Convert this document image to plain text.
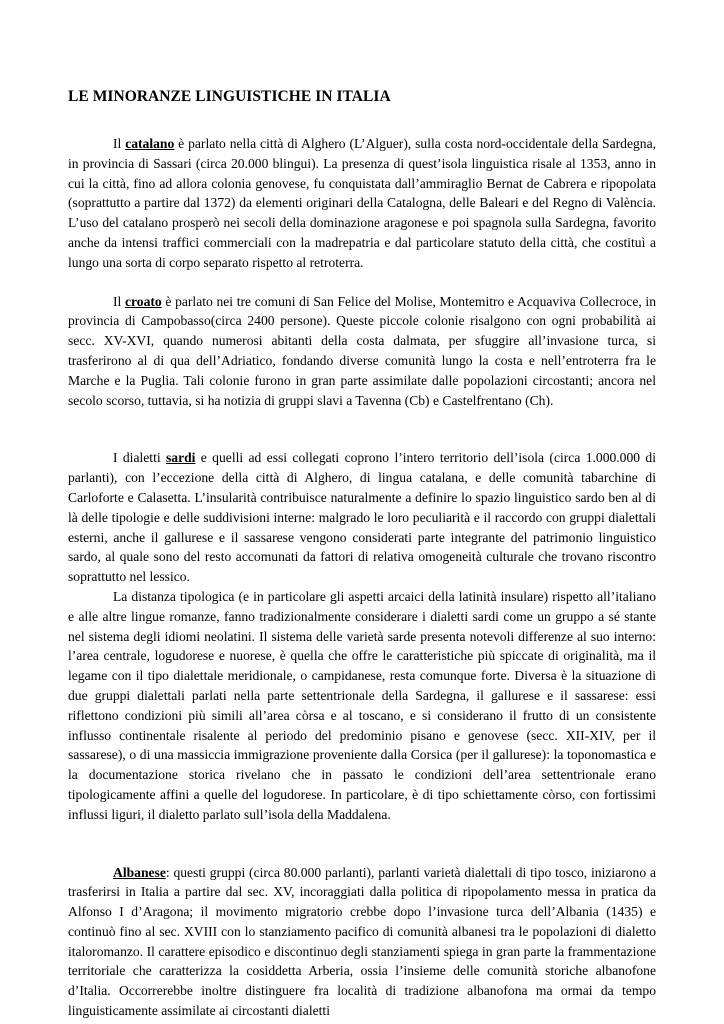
LE MINORANZE LINGUISTICHE IN ITALIA

Il catalano è parlato nella città di Alghero (L’Alguer), sulla costa nord-occidentale della Sardegna, in provincia di Sassari (circa 20.000 blingui). La presenza di quest’isola linguistica risale al 1353, anno in cui la città, fino ad allora colonia genovese, fu conquistata dall’ammiraglio Bernat de Cabrera e ripopolata (soprattutto a partire dal 1372) da elementi originari della Catalogna, delle Baleari e del Regno di València. L’uso del catalano prosperò nei secoli della dominazione aragonese e poi spagnola sulla Sardegna, favorito anche da intensi traffici commerciali con la madrepatria e dal particolare statuto della città, che costituì a lungo una sorta di corpo separato rispetto al retroterra.

Il croato è parlato nei tre comuni di San Felice del Molise, Montemitro e Acquaviva Collecroce, in provincia di Campobasso(circa 2400 persone). Queste piccole colonie risalgono con ogni probabilità ai secc. XV-XVI, quando numerosi abitanti della costa dalmata, per sfuggire all’invasione turca, si trasferirono al di qua dell’Adriatico, fondando diverse comunità lungo la costa e nell’entroterra fra le Marche e la Puglia. Tali colonie furono in gran parte assimilate dalle popolazioni circostanti; ancora nel secolo scorso, tuttavia, si ha notizia di gruppi slavi a Tavenna (Cb) e Castelfrentano (Ch).

I dialetti sardi e quelli ad essi collegati coprono l’intero territorio dell’isola (circa 1.000.000 di parlanti), con l’eccezione della città di Alghero, di lingua catalana, e delle comunità tabarchine di Carloforte e Calasetta. L’insularità contribuisce naturalmente a definire lo spazio linguistico sardo ben al di là delle tipologie e delle suddivisioni interne: malgrado le loro peculiarità e il raccordo con gruppi dialettali esterni, anche il gallurese e il sassarese vengono considerati parte integrante del patrimonio linguistico sardo, al quale sono del resto accomunati da fattori di relativa omogeneità culturale che trovano riscontro soprattutto nel lessico.

La distanza tipologica (e in particolare gli aspetti arcaici della latinità insulare) rispetto all’italiano e alle altre lingue romanze, fanno tradizionalmente considerare i dialetti sardi come un gruppo a sé stante nel sistema degli idiomi neolatini. Il sistema delle varietà sarde presenta notevoli differenze al suo interno: l’area centrale, logudorese e nuorese, è quella che offre le caratteristiche più spiccate di originalità, ma il legame con il tipo dialettale meridionale, o campidanese, resta comunque forte. Diversa è la situazione di due gruppi dialettali parlati nella parte settentrionale della Sardegna, il gallurese e il sassarese: essi riflettono condizioni più simili all’area còrsa e al toscano, e si considerano il frutto di un consistente influsso continentale risalente al periodo del predominio pisano e genovese (secc. XII-XIV, per il sassarese), o di una massiccia immigrazione proveniente dalla Corsica (per il gallurese): la toponomastica e la documentazione storica rivelano che in passato le condizioni dell’area settentrionale erano tipologicamente affini a quelle del logudorese. In particolare, è di tipo schiettamente còrso, con fortissimi influssi liguri, il dialetto parlato sull’isola della Maddalena.

Albanese: questi gruppi (circa 80.000 parlanti), parlanti varietà dialettali di tipo tosco, iniziarono a trasferirsi in Italia a partire dal sec. XV, incoraggiati dalla politica di ripopolamento messa in pratica da Alfonso I d’Aragona; il movimento migratorio crebbe dopo l’invasione turca dell’Albania (1435) e continuò fino al sec. XVIII con lo stanziamento pacifico di comunità albanesi tra le popolazioni di dialetto italoromanzo. Il carattere episodico e discontinuo degli stanziamenti spiega in gran parte la frammentazione territoriale che caratterizza la cosiddetta Arberia, ossia l’insieme delle comunità storiche albanofone d’Italia. Occorrerebbe inoltre distinguere fra località di tradizione albanofona ma ormai da tempo linguisticamente assimilate ai circostanti dialetti
